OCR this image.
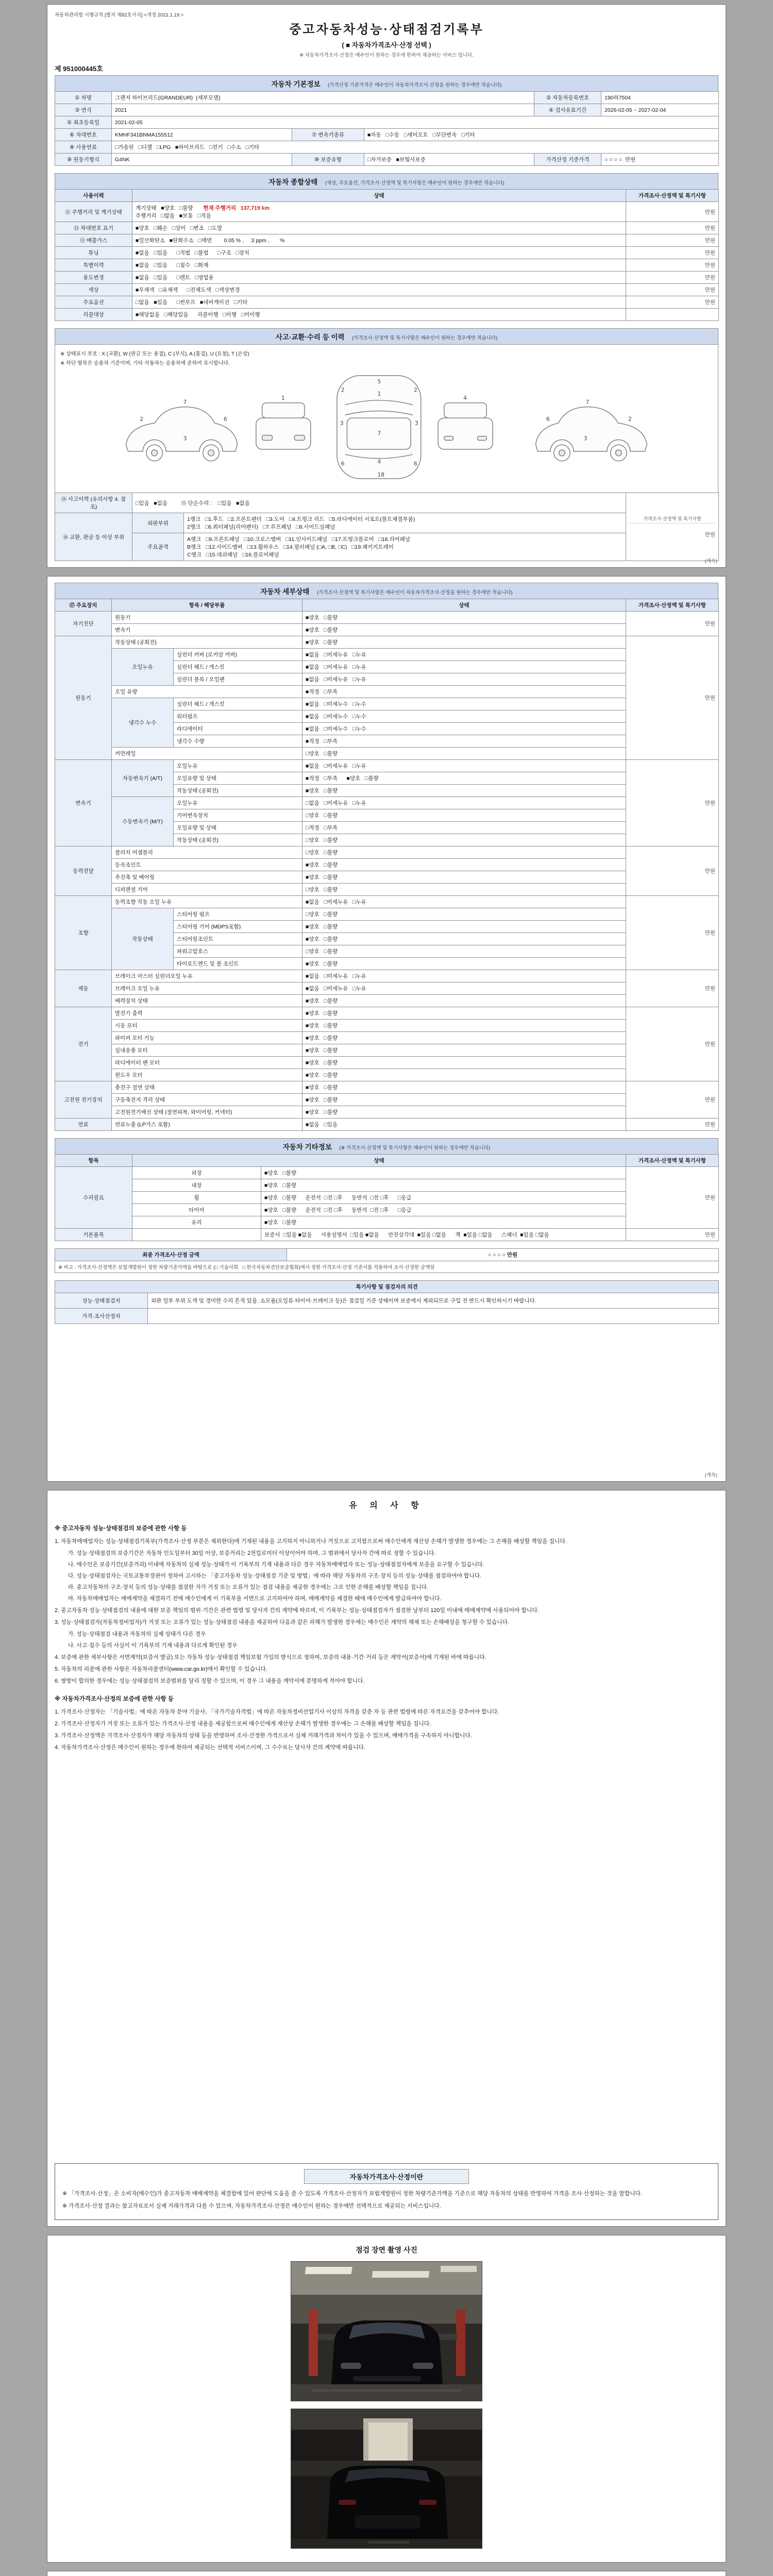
자동차관리법 시행규칙 [별지 제82호서식] <개정 2021.1.19.>
중고자동차성능·상태점검기록부
( ■ 자동차가격조사·산정 선택 )
※ 자동차가격조사·산정은 매수인이 원하는 경우에 한하여 제공하는 서비스 입니다.
제 951000445호
자동차 기본정보 (가격산정 기준가격은 매수인이 자동차가격조사·산정을 원하는 경우에만 적습니다)
① 차명	그랜저 하이브리드(GRANDEUR)  (세부모델)			② 자동차등록번호	190허7504
③ 연식	2021			④ 검사유효기간	2026-02-05 ~ 2027-02-04
⑤ 최초등록일	2021-02-05				
⑥ 차대번호	KMHF341BNMA155512	⑦ 변속기종류	■자동   □수동   □세미오토   □무단변속   □기타		
⑧ 사용연료	□가솔린   □디젤   □LPG   ■하이브리드   □전기   □수소   □기타				
⑨ 원동기형식	G4NK	⑩ 보증유형	□자가보증   ■보험사보증	가격산정 기준가격	○ ○ ○ ○  만원
자동차 종합상태 (색상, 주요옵션, 가격조사·산정액 및 특기사항은 매수인이 원하는 경우에만 적습니다)
사용이력	상태	가격조사·산정액 및 특기사항
⑪ 주행거리 및 계기상태	계기상태   ■양호   □불량 현재 주행거리   137,719 km
주행거리   □많음   ■보통   □적음	만원
⑫ 차대번호 표기	■양호   □훼손   □상이   □변조   □도말	만원
⑬ 배출가스	■일산화탄소   ■탄화수소   □매연        0.05 % ,     3 ppm ,       %	만원
튜닝	■없음   □있음      □적법   □불법      □구조   □장치	만원
특별이력	■없음   □있음      □침수   □화재	만원
용도변경	■없음   □있음      □렌트   □영업용	만원
색상	■무채색   □유채색      □전체도색   □색상변경	만원
주요옵션	□없음   ■있음      □썬루프   ■네비게이션   □기타	만원
리콜대상	■해당없음   □해당있음      리콜이행   □이행   □미이행	

사고·교환·수리 등 이력 (가격조사·산정액 및 특기사항은 매수인이 원하는 경우에만 적습니다)
※ 상태표시 부호 : X (교환), W (판금 또는 용접), C (부식), A (흠집), U (요철), T (손상)
※ 하단 항목은 승용차 기준이며, 기타 자동차는 승용차에 준하여 표시합니다.
2
3
6
7
1
5
1
7
2	2
3	3
6	6
4
18
4
7
3
6	2
⑭ 사고이력 (유의사항 4. 참조)	□있음   ■없음         ⑮ 단순수리 :    □있음   ■없음		가격조사·산정액 및 특기사항
만원

⑯ 교환, 판금 등 이상 부위	외판부위	1랭크   □1.후드   □2.프론트펜더   □3.도어   □4.트렁크 리드   □5.라디에이터 서포트(볼트체결부품)
2랭크   □6.쿼터패널(리어펜더)   □7.루프패널   □8.사이드실패널	

	주요골격	A랭크   □9.프론트패널   □10.크로스멤버   □11.인사이드패널   □17.트렁크플로어   □18.리어패널
B랭크   □12.사이드멤버   □13.휠하우스   □14.필러패널 (□A, □B, □C)   □19.패키지트레이
C랭크   □15.대쉬패널   □16.플로어패널	
(계속)
자동차 세부상태 (가격조사·산정액 및 특기사항은 매수인이 자동차가격조사·산정을 원하는 경우에만 적습니다)
⑰ 주요장치	항목 / 해당부품		상태	가격조사·산정액 및 특기사항
자기진단	원동기		■양호   □불량	만원
	변속기		■양호   □불량	
원동기	작동상태 (공회전)		■양호   □불량	만원
	오일누유	실린더 커버 (로커암 커버)	■없음   □미세누유   □누유	
		실린더 헤드 / 개스킷	■없음   □미세누유   □누유	
		실린더 블록 / 오일팬	■없음   □미세누유   □누유	
	오일 유량		■적정   □부족	
	냉각수 누수	실린더 헤드 / 개스킷	■없음   □미세누수   □누수	
		워터펌프	■없음   □미세누수   □누수	
		라디에이터	■없음   □미세누수   □누수	
		냉각수 수량	■적정   □부족	
	커먼레일		□양호   □불량	
변속기	자동변속기 (A/T)	오일누유	■없음   □미세누유   □누유	만원
		오일유량 및 상태	■적정   □부족      ■양호   □불량	
		작동상태 (공회전)	■양호   □불량	
	수동변속기 (M/T)	오일누유	□없음   □미세누유   □누유	
		기어변속장치	□양호   □불량	
		오일유량 및 상태	□적정   □부족	
		작동상태 (공회전)	□양호   □불량	
동력전달	클러치 어셈블리		□양호   □불량	만원
	등속조인트		■양호   □불량	
	추진축 및 베어링		■양호   □불량	
	디퍼렌셜 기어		□양호   □불량	
조향	동력조향 작동 오일 누유		■없음   □미세누유   □누유	만원
	작동상태	스티어링 펌프	□양호   □불량	
		스티어링 기어 (MDPS포함)	■양호   □불량	
		스티어링조인트	■양호   □불량	
		파워고압호스	□양호   □불량	
		타이로드엔드 및 볼 조인트	■양호   □불량	
제동	브레이크 마스터 실린더오일 누유		■없음   □미세누유   □누유	만원
	브레이크 오일 누유		■없음   □미세누유   □누유	
	배력장치 상태		■양호   □불량	
전기	발전기 출력		■양호   □불량	만원
	시동 모터		■양호   □불량	
	와이퍼 모터 기능		■양호   □불량	
	실내송풍 모터		■양호   □불량	
	라디에이터 팬 모터		■양호   □불량	
	윈도우 모터		■양호   □불량	
고전원 전기장치	충전구 절연 상태		■양호   □불량	만원
	구동축전지 격리 상태		■양호   □불량	
	고전원전기배선 상태 (절연피복, 와이어링, 커넥터)		■양호   □불량	
연료	연료누출 (LP가스 포함)		■없음   □있음	만원
자동차 기타정보 (※ 가격조사·산정액 및 특기사항은 매수인이 원하는 경우에만 적습니다)
항목	상태		가격조사·산정액 및 특기사항
수리필요	외장	■양호   □불량	만원
	내장	■양호   □불량	
	휠	■양호   □불량      운전석  □전 □후      동반석  □전 □후      □응급	
	타이어	■양호   □불량      운전석  □전 □후      동반석  □전 □후      □응급	
	유리	■양호   □불량	
기본품목		보증서  □있음 ■없음      사용설명서  □있음 ■없음      안전삼각대  ■있음 □없음      잭  ■있음 □없음      스패너  ■있음 □없음	만원
최종 가격조사·산정 금액	○ ○ ○ ○ 만원
※ 비고 : 가격조사·산정액은 보험개발원이 정한 차량기준가액을 바탕으로 (□ 기술사회   □ 한국자동차진단보증협회)에서 정한 가격조사·산정 기준서를 적용하여 조사·산정한 금액임
특기사항 및 점검자의 의견	
성능·상태점검자	외판 일부 부위 도색 및 경미한 수리 흔적 있음. 소모품(오일류·타이어·브레이크 등)은 점검일 기준 상태이며 보증에서 제외되므로 구입 전 반드시 확인하시기 바랍니다.
가격·조사산정자	
(계속)
유 의 사 항
※ 중고자동차 성능·상태점검의 보증에 관한 사항 등
1. 자동차매매업자는 성능·상태점검기록부(가격조사·산정 부분은 제외한다)에 기재된 내용을 고지하지 아니하거나 거짓으로 고지함으로써 매수인에게 재산상 손해가 발생한 경우에는 그 손해를 배상할 책임을 집니다.
가. 성능·상태점검의 보증기간은 자동차 인도일부터 30일 이상, 보증거리는 2천킬로미터 이상이어야 하며, 그 범위에서 당사자 간에 따로 정할 수 있습니다.
나. 매수인은 보증기간(보증거리) 이내에 자동차의 실제 성능·상태가 이 기록부의 기재 내용과 다른 경우 자동차매매업자 또는 성능·상태점검자에게 보증을 요구할 수 있습니다.
다. 성능·상태점검자는 국토교통부장관이 정하여 고시하는 「중고자동차 성능·상태점검 기준 및 방법」에 따라 해당 자동차의 구조·장치 등의 성능·상태를 점검하여야 합니다.
라. 중고자동차의 구조·장치 등의 성능·상태를 점검한 자가 거짓 또는 오류가 있는 점검 내용을 제공한 경우에는 그로 인한 손해를 배상할 책임을 집니다.
마. 자동차매매업자는 매매계약을 체결하기 전에 매수인에게 이 기록부를 서면으로 고지하여야 하며, 매매계약을 체결한 때에 매수인에게 발급하여야 합니다.
2. 중고자동차 성능·상태점검의 내용에 대한 보증 책임의 범위·기간은 관련 법령 및 당사자 간의 계약에 따르며, 이 기록부는 성능·상태점검자가 점검한 날부터 120일 이내에 매매계약에 사용되어야 합니다.
3. 성능·상태점검자(자동차정비업자)가 거짓 또는 오류가 있는 성능·상태점검 내용을 제공하여 다음과 같은 피해가 발생한 경우에는 매수인은 계약의 해제 또는 손해배상을 청구할 수 있습니다.
가. 성능·상태점검 내용과 자동차의 실제 상태가 다른 경우
나. 사고·침수 등의 사실이 이 기록부의 기재 내용과 다르게 확인된 경우
4. 보증에 관한 세부사항은 서면계약(보증서 발급) 또는 자동차 성능·상태점검 책임보험 가입의 방식으로 정하며, 보증의 내용·기간·거리 등은 계약서(보증서)에 기재된 바에 따릅니다.
5. 자동차의 리콜에 관한 사항은 자동차리콜센터(www.car.go.kr)에서 확인할 수 있습니다.
6. 쌍방이 합의한 경우에는 성능·상태점검의 보증범위를 달리 정할 수 있으며, 이 경우 그 내용을 계약서에 분명하게 적어야 합니다.
※ 자동차가격조사·산정의 보증에 관한 사항 등
1. 가격조사·산정자는 「기술사법」에 따른 자동차 분야 기술사, 「국가기술자격법」에 따른 자동차정비산업기사 이상의 자격을 갖춘 자 등 관련 법령에 따른 자격요건을 갖추어야 합니다.
2. 가격조사·산정자가 거짓 또는 오류가 있는 가격조사·산정 내용을 제공함으로써 매수인에게 재산상 손해가 발생한 경우에는 그 손해를 배상할 책임을 집니다.
3. 가격조사·산정액은 가격조사·산정자가 해당 자동차의 상태 등을 반영하여 조사·산정한 가격으로서 실제 거래가격과 차이가 있을 수 있으며, 매매가격을 구속하지 아니합니다.
4. 자동차가격조사·산정은 매수인이 원하는 경우에 한하여 제공되는 선택적 서비스이며, 그 수수료는 당사자 간의 계약에 따릅니다.
자동차가격조사·산정이란

※ 「가격조사·산정」은 소비자(매수인)가 중고자동차 매매계약을 체결함에 있어 판단에 도움을 줄 수 있도록 가격조사·산정자가 보험개발원이 정한 차량기준가액을 기준으로 해당 자동차의 상태를 반영하여 가격을 조사·산정하는 것을 말합니다.

※ 가격조사·산정 결과는 참고자료로서 실제 거래가격과 다를 수 있으며, 자동차가격조사·산정은 매수인이 원하는 경우에만 선택적으로 제공되는 서비스입니다.

점검 장면 촬영 사진
